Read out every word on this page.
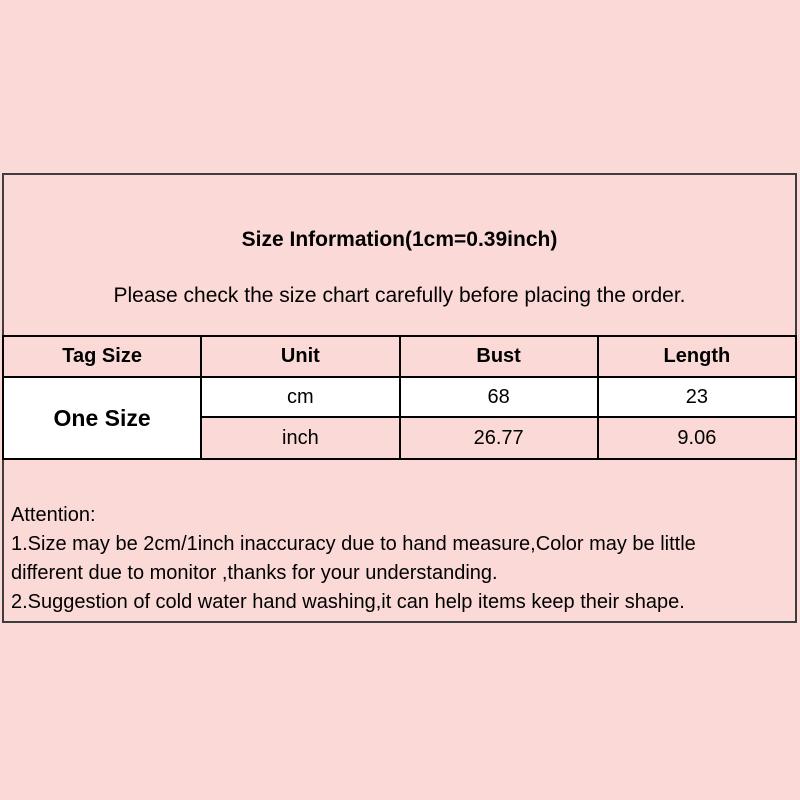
Size Information(1cm=0.39inch)
Please check the size chart carefully before placing the order.
Tag Size	Unit	Bust	Length
One Size	cm	68	23
	inch	26.77	9.06
Attention:
1.Size may be 2cm/1inch inaccuracy due to hand measure,Color may be little
different due to monitor ,thanks for your understanding.
2.Suggestion of cold water hand washing,it can help items keep their shape.
